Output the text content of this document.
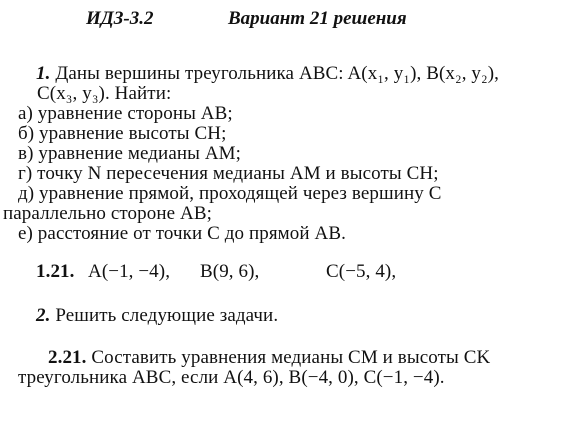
ИДЗ-3.2	Вариант 21 решения
1. Даны вершины треугольника ABC: A(x₁, y₁), B(x₂, y₂),
C(x₃, y₃). Найти:
а) уравнение стороны AB;
б) уравнение высоты CH;
в) уравнение медианы AM;
г) точку N пересечения медианы AM и высоты CH;
д) уравнение прямой, проходящей через вершину C
параллельно стороне AB;
е) расстояние от точки C до прямой AB.
1.21. A(−1, −4), B(9, 6),	C(−5, 4),
2. Решить следующие задачи.
2.21. Составить уравнения медианы CM и высоты CK
треугольника ABC, если A(4, 6), B(−4, 0), C(−1, −4).
